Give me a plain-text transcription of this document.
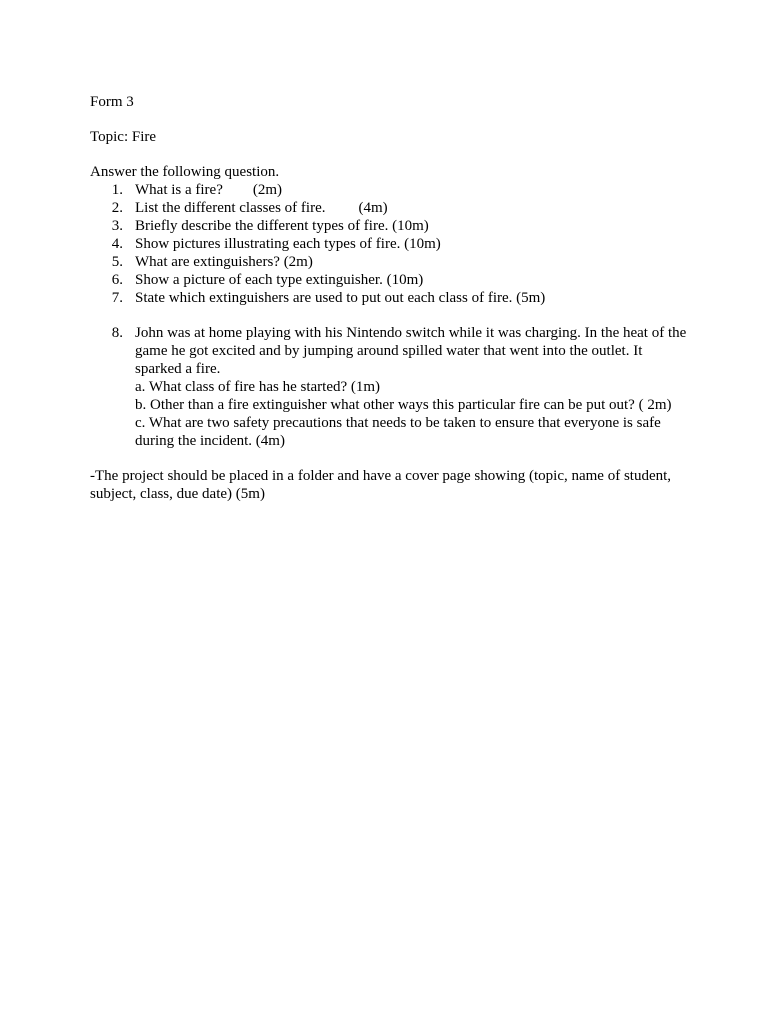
Form 3

Topic: Fire

Answer the following question.

1. What is a fire? (2m)
2. List the different classes of fire. (4m)
3. Briefly describe the different types of fire. (10m)
4. Show pictures illustrating each types of fire. (10m)
5. What are extinguishers? (2m)
6. Show a picture of each type extinguisher. (10m)
7. State which extinguishers are used to put out each class of fire. (5m)
8. John was at home playing with his Nintendo switch while it was charging. In the heat of the game he got excited and by jumping around spilled water that went into the outlet. It sparked a fire.
a. What class of fire has he started? (1m)
b. Other than a fire extinguisher what other ways this particular fire can be put out? ( 2m)
c. What are two safety precautions that needs to be taken to ensure that everyone is safe during the incident. (4m)

-The project should be placed in a folder and have a cover page showing (topic, name of student, subject, class, due date) (5m)
